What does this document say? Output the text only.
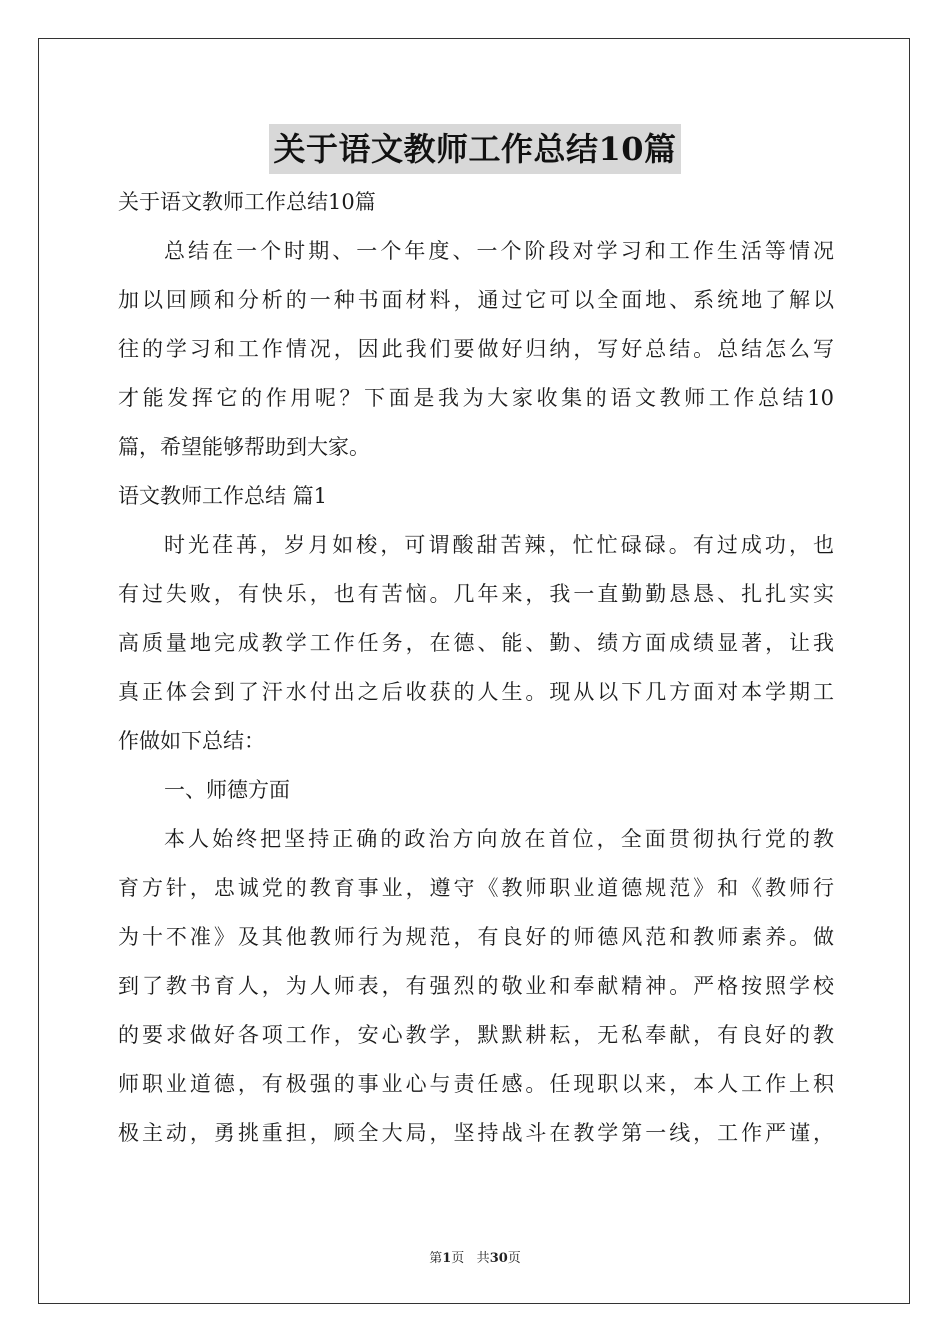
关于语文教师工作总结10篇
关于语文教师工作总结10篇
总结在一个时期、一个年度、一个阶段对学习和工作生活等情况
加以回顾和分析的一种书面材料，通过它可以全面地、系统地了解以
往的学习和工作情况，因此我们要做好归纳，写好总结。总结怎么写
才能发挥它的作用呢？下面是我为大家收集的语文教师工作总结10
篇，希望能够帮助到大家。
语文教师工作总结 篇1
时光荏苒，岁月如梭，可谓酸甜苦辣，忙忙碌碌。有过成功，也
有过失败，有快乐，也有苦恼。几年来，我一直勤勤恳恳、扎扎实实
高质量地完成教学工作任务，在德、能、勤、绩方面成绩显著，让我
真正体会到了汗水付出之后收获的人生。现从以下几方面对本学期工
作做如下总结：
一、师德方面
本人始终把坚持正确的政治方向放在首位，全面贯彻执行党的教
育方针，忠诚党的教育事业，遵守《教师职业道德规范》和《教师行
为十不准》及其他教师行为规范，有良好的师德风范和教师素养。做
到了教书育人，为人师表，有强烈的敬业和奉献精神。严格按照学校
的要求做好各项工作，安心教学，默默耕耘，无私奉献，有良好的教
师职业道德，有极强的事业心与责任感。任现职以来，本人工作上积
极主动，勇挑重担，顾全大局，坚持战斗在教学第一线，工作严谨，
第1页 共30页
